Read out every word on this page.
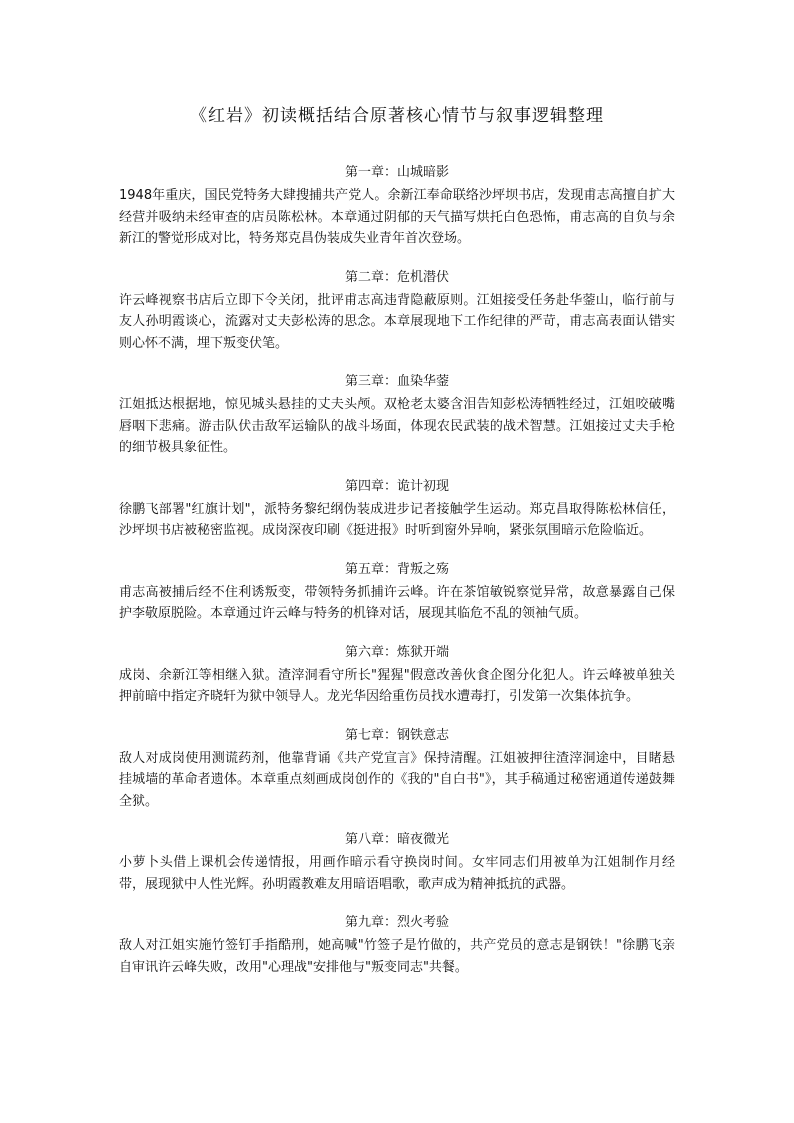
《红岩》初读概括结合原著核心情节与叙事逻辑整理
第一章：山城暗影

1948年重庆，国民党特务大肆搜捕共产党人。余新江奉命联络沙坪坝书店，发现甫志高擅自扩大经营并吸纳未经审查的店员陈松林。本章通过阴郁的天气描写烘托白色恐怖，甫志高的自负与余新江的警觉形成对比，特务郑克昌伪装成失业青年首次登场。

第二章：危机潜伏

许云峰视察书店后立即下令关闭，批评甫志高违背隐蔽原则。江姐接受任务赴华蓥山，临行前与友人孙明霞谈心，流露对丈夫彭松涛的思念。本章展现地下工作纪律的严苛，甫志高表面认错实则心怀不满，埋下叛变伏笔。

第三章：血染华蓥

江姐抵达根据地，惊见城头悬挂的丈夫头颅。双枪老太婆含泪告知彭松涛牺牲经过，江姐咬破嘴唇咽下悲痛。游击队伏击敌军运输队的战斗场面，体现农民武装的战术智慧。江姐接过丈夫手枪的细节极具象征性。

第四章：诡计初现

徐鹏飞部署"红旗计划"，派特务黎纪纲伪装成进步记者接触学生运动。郑克昌取得陈松林信任，沙坪坝书店被秘密监视。成岗深夜印刷《挺进报》时听到窗外异响，紧张氛围暗示危险临近。

第五章：背叛之殇

甫志高被捕后经不住利诱叛变，带领特务抓捕许云峰。许在茶馆敏锐察觉异常，故意暴露自己保护李敬原脱险。本章通过许云峰与特务的机锋对话，展现其临危不乱的领袖气质。

第六章：炼狱开端

成岗、余新江等相继入狱。渣滓洞看守所长"猩猩"假意改善伙食企图分化犯人。许云峰被单独关押前暗中指定齐晓轩为狱中领导人。龙光华因给重伤员找水遭毒打，引发第一次集体抗争。

第七章：钢铁意志

敌人对成岗使用测谎药剂，他靠背诵《共产党宣言》保持清醒。江姐被押往渣滓洞途中，目睹悬挂城墙的革命者遗体。本章重点刻画成岗创作的《我的"自白书"》，其手稿通过秘密通道传递鼓舞全狱。

第八章：暗夜微光

小萝卜头借上课机会传递情报，用画作暗示看守换岗时间。女牢同志们用被单为江姐制作月经带，展现狱中人性光辉。孙明霞教难友用暗语唱歌，歌声成为精神抵抗的武器。

第九章：烈火考验

敌人对江姐实施竹签钉手指酷刑，她高喊"竹签子是竹做的，共产党员的意志是钢铁！"徐鹏飞亲自审讯许云峰失败，改用"心理战"安排他与"叛变同志"共餐。
